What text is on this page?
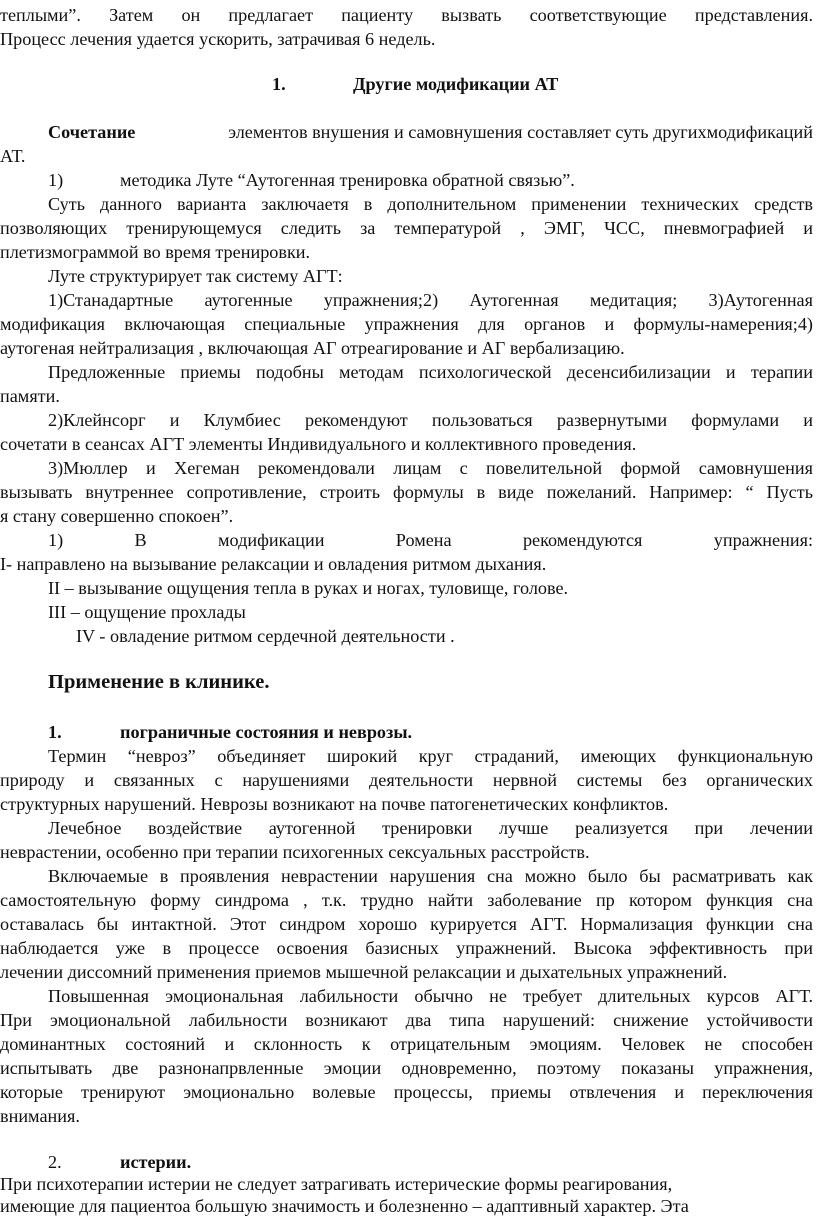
теплыми”. Затем он предлагает пациенту вызвать соответствующие представления.
Процесс лечения удается ускорить, затрачивая 6 недель.
1.	Другие модификации АТ
Сочетание	элементов внушения и самовнушения составляет суть другихмодификаций
АТ.
1)	методика Луте “Аутогенная тренировка обратной связью”.
Суть данного варианта заключаетя в дополнительном применении технических средств
позволяющих тренирующемуся следить за температурой , ЭМГ, ЧСС, пневмографией и
плетизмограммой во время тренировки.
Луте структурирует так систему АГТ:
1)Станадартные аутогенные упражнения;2) Аутогенная медитация; 3)Аутогенная
модификация включающая специальные упражнения для органов и формулы-намерения;4)
аутогеная нейтрализация , включающая АГ отреагирование и АГ вербализацию.
Предложенные приемы подобны методам психологической десенсибилизации и терапии
памяти.
2)Клейнсорг и Клумбиес рекомендуют пользоваться развернутыми формулами и
сочетати в сеансах АГТ элементы Индивидуального и коллективного проведения.
3)Мюллер и Хегеман рекомендовали лицам с повелительной формой самовнушения
вызывать внутреннее сопротивление, строить формулы в виде пожеланий. Например: “ Пусть
я стану совершенно спокоен”.
1) В модификации Ромена рекомендуются упражнения:
I- направлено на вызывание релаксации и овладения ритмом дыхания.
II – вызывание ощущения тепла в руках и ногах, туловище, голове.
III – ощущение прохлады
IV - овладение ритмом сердечной деятельности .
Применение в клинике.
1.	пограничные состояния и неврозы.
Термин “невроз” объединяет широкий круг страданий, имеющих функциональную
природу и связанных с нарушениями деятельности нервной системы без органических
структурных нарушений. Неврозы возникают на почве патогенетических конфликтов.
Лечебное воздействие аутогенной тренировки лучше реализуется при лечении
неврастении, особенно при терапии психогенных сексуальных расстройств.
Включаемые в проявления неврастении нарушения сна можно было бы расматривать как
самостоятельную форму синдрома , т.к. трудно найти заболевание пр котором функция сна
оставалась бы интактной. Этот синдром хорошо курируется АГТ. Нормализация функции сна
наблюдается уже в процессе освоения базисных упражнений. Высока эффективность при
лечении диссомний применения приемов мышечной релаксации и дыхательных упражнений.
Повышенная эмоциональная лабильности обычно не требует длительных курсов АГТ.
При эмоциональной лабильности возникают два типа нарушений: снижение устойчивости
доминантных состояний и склонность к отрицательным эмоциям. Человек не способен
испытывать две разнонапрвленные эмоции одновременно, поэтому показаны упражнения,
которые тренируют эмоционально волевые процессы, приемы отвлечения и переключения
внимания.
2.	истерии.
При психотерапии истерии не следует затрагивать истерические формы реагирования,
имеющие для пациентоа большую значимость и болезненно – адаптивный характер. Эта
